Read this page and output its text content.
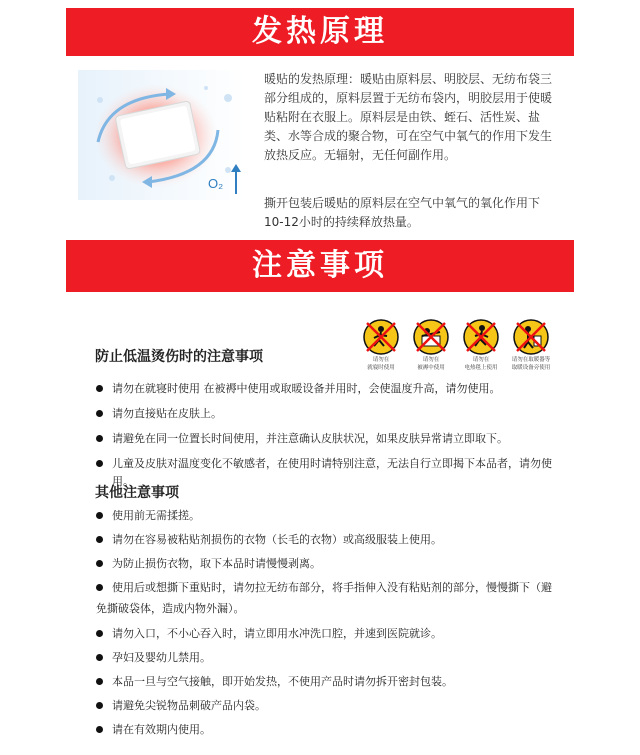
发热原理
O₂

暖贴的发热原理：暖贴由原料层、明胶层、无纺布袋三部分组成的，原料层置于无纺布袋内，明胶层用于使暖贴粘附在衣服上。原料层是由铁、蛭石、活性炭、盐类、水等合成的聚合物，可在空气中氧气的作用下发生放热反应。无辐射，无任何副作用。

撕开包装后暖贴的原料层在空气中氧气的氧化作用下10-12小时的持续释放热量。

注意事项

防止低温烫伤时的注意事项	请勿在
就寝时使用
请勿在
被褥中使用
请勿在
电热毯上使用
请勿在取暖器等
取暖设备旁使用
请勿在就寝时使用 在被褥中使用或取暖设备并用时，会使温度升高，请勿使用。
请勿直接贴在皮肤上。
请避免在同一位置长时间使用，并注意确认皮肤状况，如果皮肤异常请立即取下。
儿童及皮肤对温度变化不敏感者，在使用时请特别注意，无法自行立即揭下本品者，请勿使用。

其他注意事项

使用前无需揉搓。
请勿在容易被粘贴剂损伤的衣物（长毛的衣物）或高级服装上使用。
为防止损伤衣物，取下本品时请慢慢剥离。
使用后或想撕下重贴时，请勿拉无纺布部分，将手指伸入没有粘贴剂的部分，慢慢撕下（避
免撕破袋体，造成内物外漏）。
请勿入口，不小心吞入时，请立即用水冲洗口腔，并速到医院就诊。
孕妇及婴幼儿禁用。
本品一旦与空气接触，即开始发热，不使用产品时请勿拆开密封包装。
请避免尖锐物品刺破产品内袋。
请在有效期内使用。
